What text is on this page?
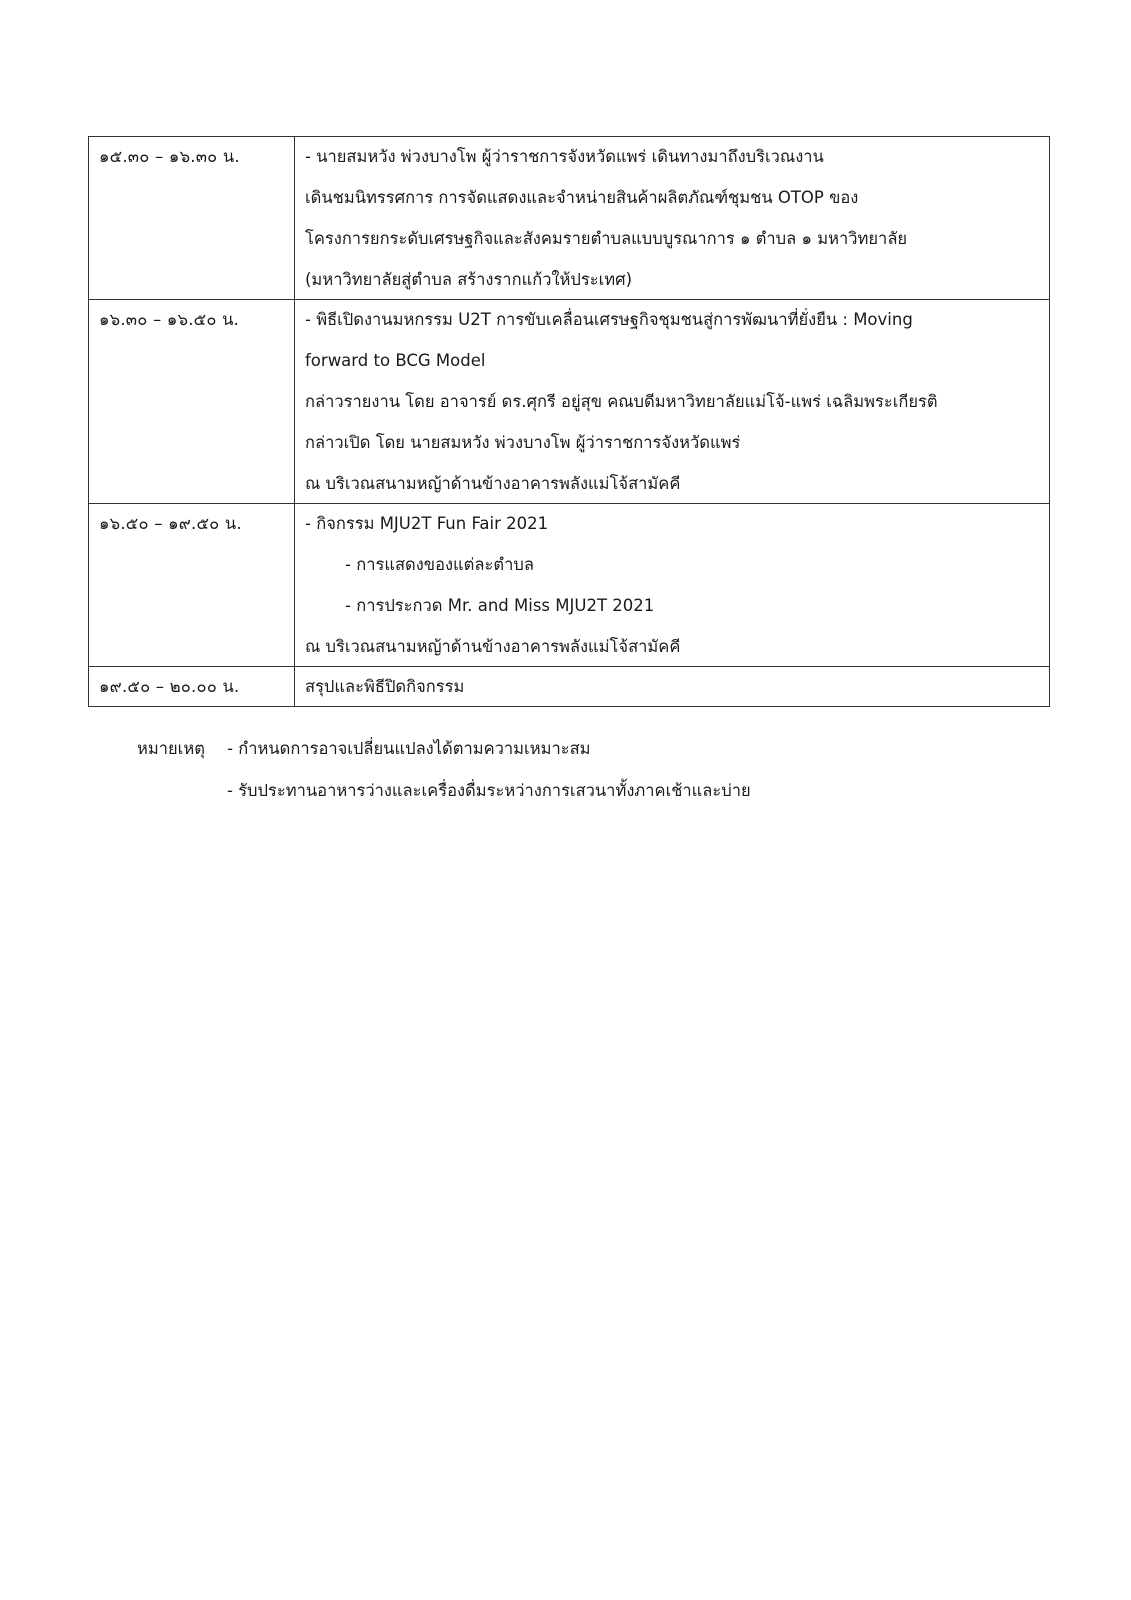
๑๕.๓๐ – ๑๖.๓๐ น.	- นายสมหวัง พ่วงบางโพ ผู้ว่าราชการจังหวัดแพร่ เดินทางมาถึงบริเวณงาน
เดินชมนิทรรศการ การจัดแสดงและจำหน่ายสินค้าผลิตภัณฑ์ชุมชน OTOP ของ
โครงการยกระดับเศรษฐกิจและสังคมรายตำบลแบบบูรณาการ ๑ ตำบล ๑ มหาวิทยาลัย
(มหาวิทยาลัยสู่ตำบล สร้างรากแก้วให้ประเทศ)

๑๖.๓๐ – ๑๖.๕๐ น.	- พิธีเปิดงานมหกรรม U2T การขับเคลื่อนเศรษฐกิจชุมชนสู่การพัฒนาที่ยั่งยืน : Moving
forward to BCG Model
กล่าวรายงาน โดย อาจารย์ ดร.ศุกรี อยู่สุข คณบดีมหาวิทยาลัยแม่โจ้-แพร่ เฉลิมพระเกียรติ
กล่าวเปิด โดย นายสมหวัง พ่วงบางโพ ผู้ว่าราชการจังหวัดแพร่
ณ บริเวณสนามหญ้าด้านข้างอาคารพลังแม่โจ้สามัคคี

๑๖.๕๐ – ๑๙.๕๐ น.	- กิจกรรม MJU2T Fun Fair 2021
- การแสดงของแต่ละตำบล
- การประกวด Mr. and Miss MJU2T 2021
ณ บริเวณสนามหญ้าด้านข้างอาคารพลังแม่โจ้สามัคคี

๑๙.๕๐ – ๒๐.๐๐ น.	สรุปและพิธีปิดกิจกรรม
หมายเหตุ - กำหนดการอาจเปลี่ยนแปลงได้ตามความเหมาะสม
- รับประทานอาหารว่างและเครื่องดื่มระหว่างการเสวนาทั้งภาคเช้าและบ่าย
